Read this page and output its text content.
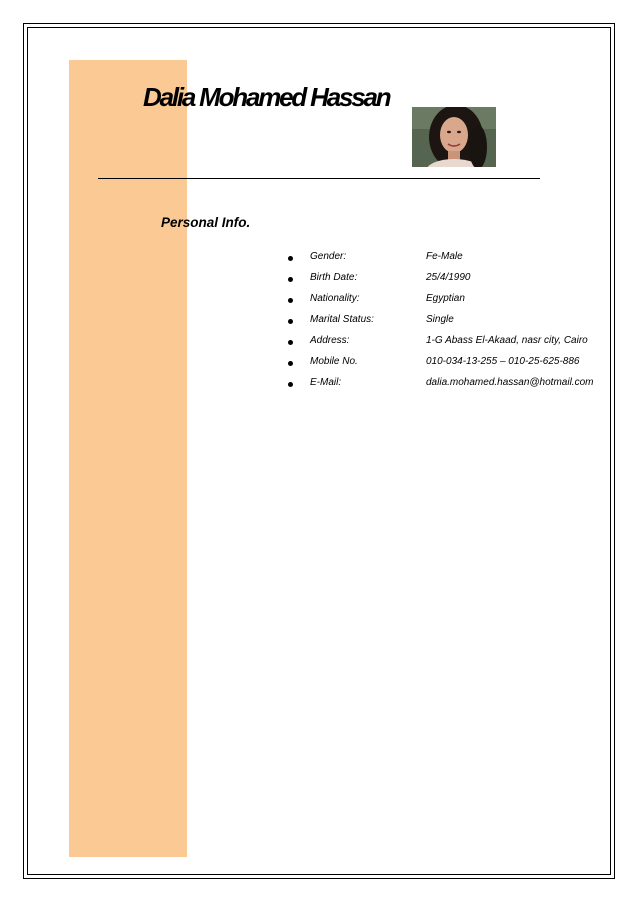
Dalia Mohamed Hassan
Personal Info.
Gender:	Fe-Male
Birth Date:	25/4/1990
Nationality:	Egyptian
Marital Status:	Single
Address:	1-G Abass El-Akaad, nasr city, Cairo
Mobile No.	010-034-13-255 – 010-25-625-886
E-Mail:	dalia.mohamed.hassan@hotmail.com
